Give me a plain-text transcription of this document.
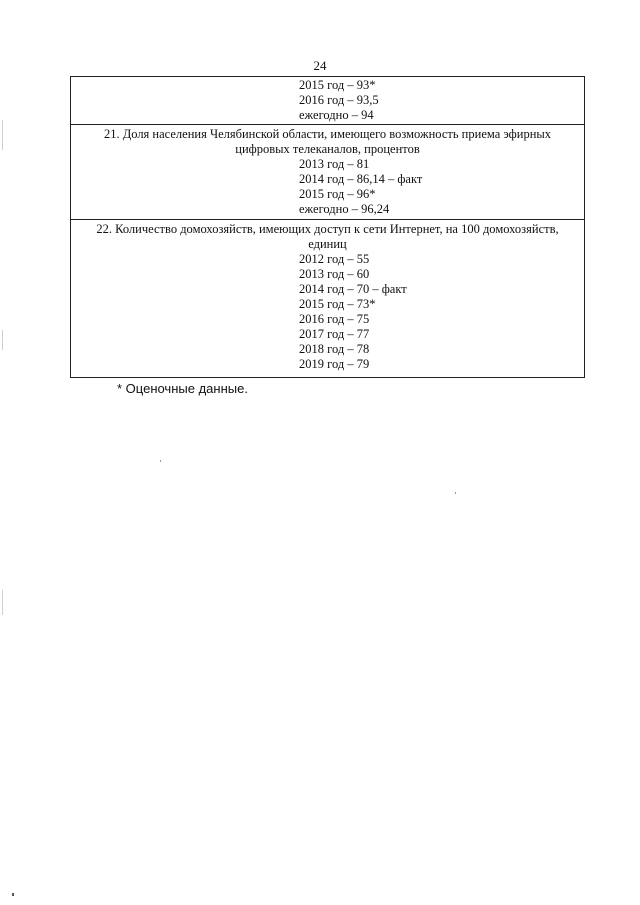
24
2015 год – 93*
2016 год – 93,5
ежегодно – 94
21. Доля населения Челябинской области, имеющего возможность приема эфирных
цифровых телеканалов, процентов
2013 год – 81
2014 год – 86,14 – факт
2015 год – 96*
ежегодно – 96,24
22. Количество домохозяйств, имеющих доступ к сети Интернет, на 100 домохозяйств,
единиц
2012 год – 55
2013 год – 60
2014 год – 70 – факт
2015 год – 73*
2016 год – 75
2017 год – 77
2018 год – 78
2019 год – 79
* Оценочные данные.
